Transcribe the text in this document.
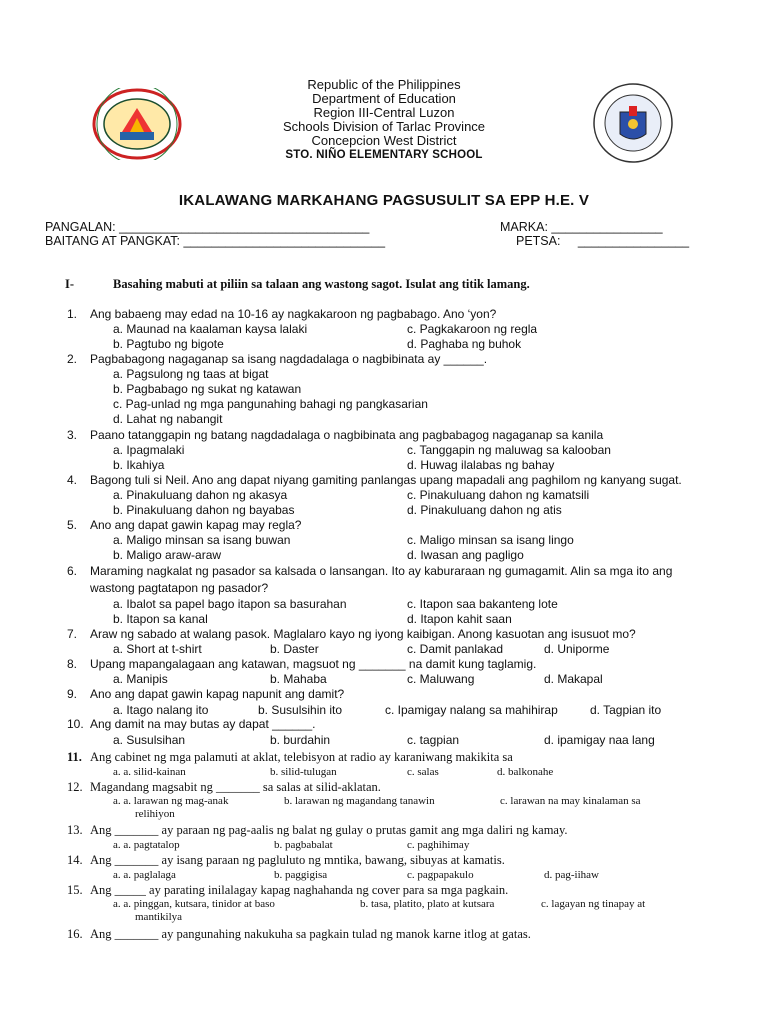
Republic of the Philippines
Department of Education
Region III-Central Luzon
Schools Division of Tarlac Province
Concepcion West District
STO. NIÑO ELEMENTARY SCHOOL
IKALAWANG MARKAHANG PAGSUSULIT SA EPP H.E. V
PANGALAN: ____________________________________	MARKA: ________________
BAITANG AT PANGKAT: _____________________________	PETSA:     ________________
I-	Basahing mabuti at piliin sa talaan ang wastong sagot. Isulat ang titik lamang.
1. Ang babaeng may edad na 10-16 ay nagkakaroon ng pagbabago. Ano ‘yon?
a. Maunad na kaalaman kaysa lalaki	c. Pagkakaroon ng regla
b. Pagtubo ng bigote	d. Paghaba ng buhok
2. Pagbabagong nagaganap sa isang nagdadalaga o nagbibinata ay ______.
a. Pagsulong ng taas at bigat
b. Pagbabago ng sukat ng katawan
c. Pag-unlad ng mga pangunahing bahagi ng pangkasarian
d. Lahat ng nabangit
3. Paano tatanggapin ng batang nagdadalaga o nagbibinata ang pagbabagog nagaganap sa kanila
a. Ipagmalaki	c. Tanggapin ng maluwag sa kalooban
b. Ikahiya	d. Huwag ilalabas ng bahay
4. Bagong tuli si Neil. Ano ang dapat niyang gamiting panlangas upang mapadali ang paghilom ng kanyang sugat.
a. Pinakuluang dahon ng akasya	c. Pinakuluang dahon ng kamatsili
b. Pinakuluang dahon ng bayabas	d. Pinakuluang dahon ng atis
5. Ano ang dapat gawin kapag may regla?
a. Maligo minsan sa isang buwan	c. Maligo minsan sa isang lingo
b. Maligo araw-araw	d. Iwasan ang pagligo
6. Maraming nagkalat ng pasador sa kalsada o lansangan. Ito ay kaburaraan ng gumagamit. Alin sa mga ito ang
wastong pagtatapon ng pasador?
a. Ibalot sa papel bago itapon sa basurahan	c. Itapon saa bakanteng lote
b. Itapon sa kanal	d. Itapon kahit saan
7. Araw ng sabado at walang pasok. Maglalaro kayo ng iyong kaibigan. Anong kasuotan ang isusuot mo?
a. Short at t-shirt	b. Daster	c. Damit panlakad	d. Uniporme
8. Upang mapangalagaan ang katawan, magsuot ng _______ na damit kung taglamig.
a. Manipis	b. Mahaba	c. Maluwang	d. Makapal
9. Ano ang dapat gawin kapag napunit ang damit?
a. Itago nalang ito	b. Susulsihin ito	c. Ipamigay nalang sa mahihirap	d. Tagpian ito
10. Ang damit na may butas ay dapat ______.
a. Susulsihan	b. burdahin	c. tagpian	d. ipamigay naa lang
11. Ang cabinet ng mga palamuti at aklat, telebisyon at radio ay karaniwang makikita sa
a. a. silid-kainan	b. silid-tulugan	c. salas	d. balkonahe
12. Magandang magsabit ng _______ sa salas at silid-aklatan.
a. a. larawan ng mag-anak	b. larawan ng magandang tanawin	c. larawan na may kinalaman sa
relihiyon
13. Ang _______ ay paraan ng pag-aalis ng balat ng gulay o prutas gamit ang mga daliri ng kamay.
a. a. pagtatalop	b. pagbabalat	c. paghihimay
14. Ang _______ ay isang paraan ng pagluluto ng mntika, bawang, sibuyas at kamatis.
a. a. paglalaga	b. paggigisa	c. pagpapakulo	d. pag-iihaw
15. Ang _____ ay parating inilalagay kapag naghahanda ng cover para sa mga pagkain.
a. a. pinggan, kutsara, tinidor at baso	b. tasa, platito, plato at kutsara	c. lagayan ng tinapay at
mantikilya
16. Ang _______ ay pangunahing nakukuha sa pagkain tulad ng manok karne itlog at gatas.
